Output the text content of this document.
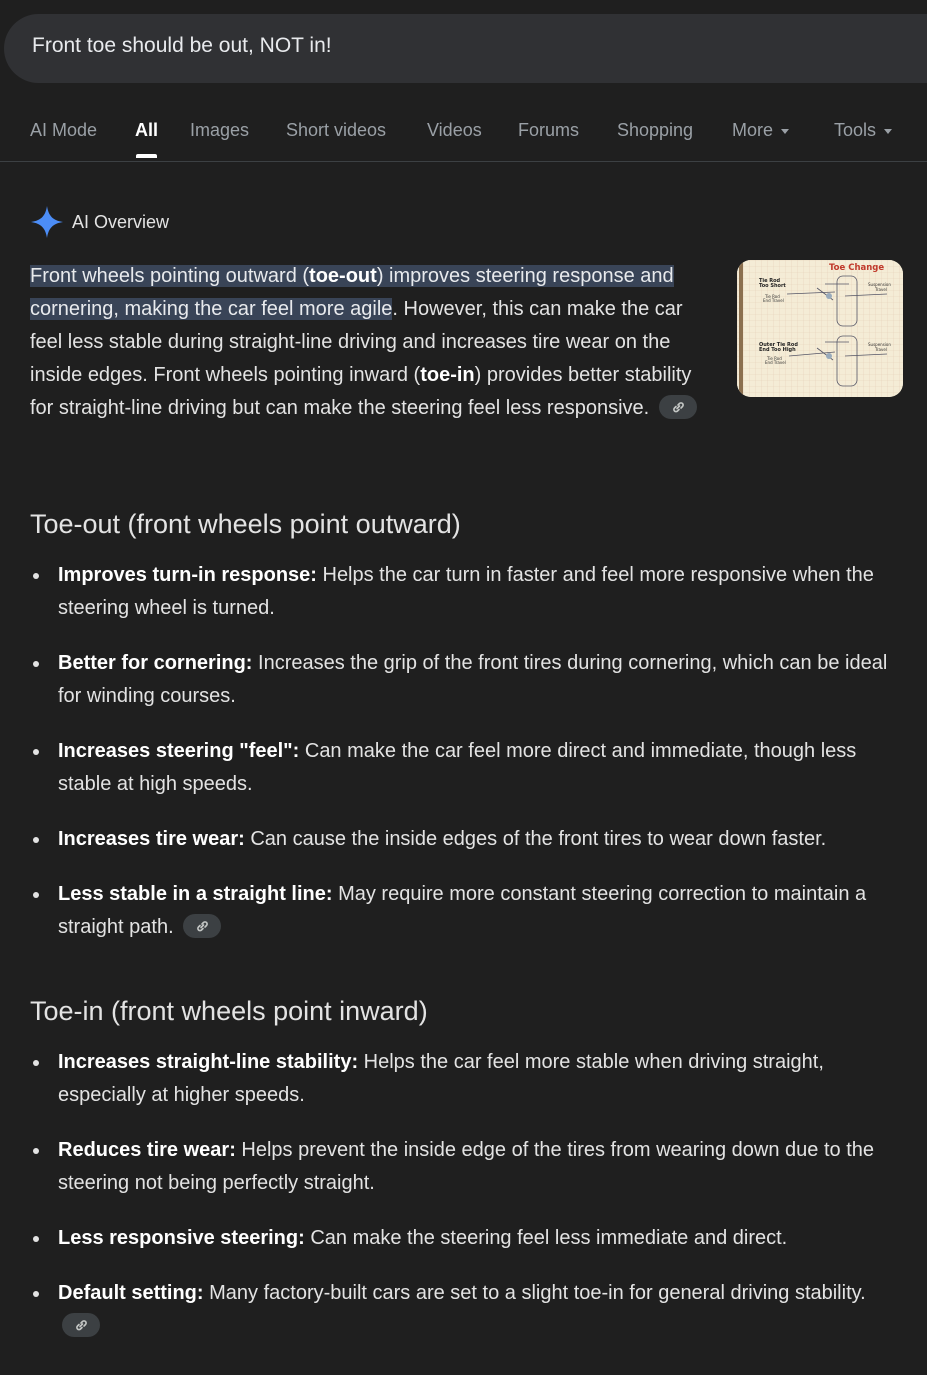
Front toe should be out, NOT in!
AI Mode All Images Short videos Videos Forums Shopping More	Tools
AI Overview

Front wheels pointing outward (toe-out) improves steering response and cornering, making the car feel more agile. However, this can make the car feel less stable during straight-line driving and increases tire wear on the inside edges. Front wheels pointing inward (toe-in) provides better stability for straight-line driving but can make the steering feel less responsive.

Toe Change
Tie Rod
Too Short
Tie Rod
End Travel
Outer Tie Rod
End Too High
Tie Rod
End Travel
Suspension
Travel
Suspension
Travel
Toe-out (front wheels point outward)
Improves turn-in response: Helps the car turn in faster and feel more responsive when the steering wheel is turned.
Better for cornering: Increases the grip of the front tires during cornering, which can be ideal for winding courses.
Increases steering "feel": Can make the car feel more direct and immediate, though less stable at high speeds.
Increases tire wear: Can cause the inside edges of the front tires to wear down faster.
Less stable in a straight line: May require more constant steering correction to maintain a straight path.
Toe-in (front wheels point inward)
Increases straight-line stability: Helps the car feel more stable when driving straight, especially at higher speeds.
Reduces tire wear: Helps prevent the inside edge of the tires from wearing down due to the steering not being perfectly straight.
Less responsive steering: Can make the steering feel less immediate and direct.
Default setting: Many factory-built cars are set to a slight toe-in for general driving stability.
